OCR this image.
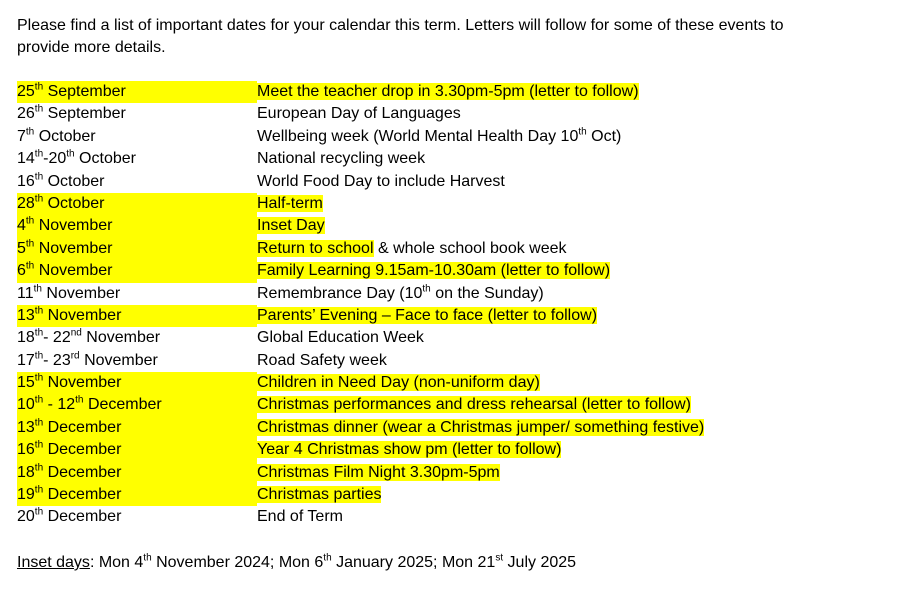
Please find a list of important dates for your calendar this term. Letters will follow for some of these events to
provide more details.

25th September	Meet the teacher drop in 3.30pm-5pm (letter to follow)
26th September	European Day of Languages
7th October	Wellbeing week (World Mental Health Day 10th Oct)
14th-20th October	National recycling week
16th October	World Food Day to include Harvest
28th October	Half-term
4th November	Inset Day
5th November	Return to school & whole school book week
6th November	Family Learning 9.15am-10.30am (letter to follow)
11th November	Remembrance Day (10th on the Sunday)
13th November	Parents’ Evening – Face to face (letter to follow)
18th- 22nd November	Global Education Week
17th- 23rd November	Road Safety week
15th November	Children in Need Day (non-uniform day)
10th - 12th December	Christmas performances and dress rehearsal (letter to follow)
13th December	Christmas dinner (wear a Christmas jumper/ something festive)
16th December	Year 4 Christmas show pm (letter to follow)
18th December	Christmas Film Night 3.30pm-5pm
19th December	Christmas parties
20th December	End of Term
Inset days: Mon 4th November 2024; Mon 6th January 2025; Mon 21st July 2025
